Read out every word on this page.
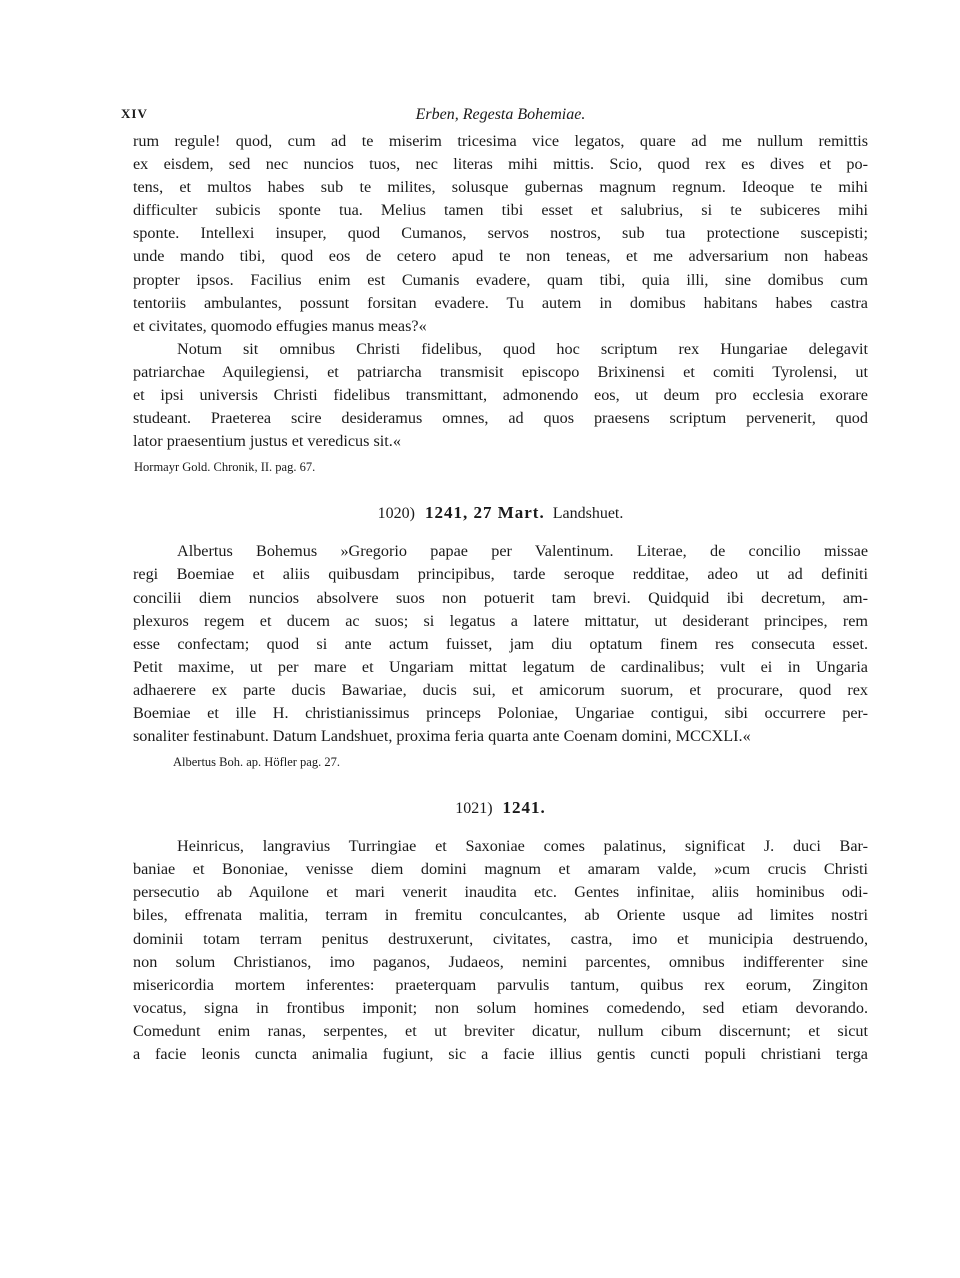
XIV	Erben, Regesta Bohemiae.
rum regule! quod, cum ad te miserim tricesima vice legatos, quare ad me nullum remittis
ex eisdem, sed nec nuncios tuos, nec literas mihi mittis. Scio, quod rex es dives et po-
tens, et multos habes sub te milites, solusque gubernas magnum regnum. Ideoque te mihi
difficulter subicis sponte tua. Melius tamen tibi esset et salubrius, si te subiceres mihi
sponte. Intellexi insuper, quod Cumanos, servos nostros, sub tua protectione suscepisti;
unde mando tibi, quod eos de cetero apud te non teneas, et me adversarium non habeas
propter ipsos. Facilius enim est Cumanis evadere, quam tibi, quia illi, sine domibus cum
tentoriis ambulantes, possunt forsitan evadere. Tu autem in domibus habitans habes castra
et civitates, quomodo effugies manus meas?«
Notum sit omnibus Christi fidelibus, quod hoc scriptum rex Hungariae delegavit
patriarchae Aquilegiensi, et patriarcha transmisit episcopo Brixinensi et comiti Tyrolensi, ut
et ipsi universis Christi fidelibus transmittant, admonendo eos, ut deum pro ecclesia exorare
studeant. Praeterea scire desideramus omnes, ad quos praesens scriptum pervenerit, quod
lator praesentium justus et veredicus sit.«
Hormayr Gold. Chronik, II. pag. 67.
1020) 1241, 27 Mart. Landshuet.
Albertus Bohemus »Gregorio papae per Valentinum. Literae, de concilio missae
regi Boemiae et aliis quibusdam principibus, tarde seroque redditae, adeo ut ad definiti
concilii diem nuncios absolvere suos non potuerit tam brevi. Quidquid ibi decretum, am-
plexuros regem et ducem ac suos; si legatus a latere mittatur, ut desiderant principes, rem
esse confectam; quod si ante actum fuisset, jam diu optatum finem res consecuta esset.
Petit maxime, ut per mare et Ungariam mittat legatum de cardinalibus; vult ei in Ungaria
adhaerere ex parte ducis Bawariae, ducis sui, et amicorum suorum, et procurare, quod rex
Boemiae et ille H. christianissimus princeps Poloniae, Ungariae contigui, sibi occurrere per-
sonaliter festinabunt. Datum Landshuet, proxima feria quarta ante Coenam domini, MCCXLI.«
Albertus Boh. ap. Höfler pag. 27.
1021) 1241.
Heinricus, langravius Turringiae et Saxoniae comes palatinus, significat J. duci Bar-
baniae et Bononiae, venisse diem domini magnum et amaram valde, »cum crucis Christi
persecutio ab Aquilone et mari venerit inaudita etc. Gentes infinitae, aliis hominibus odi-
biles, effrenata malitia, terram in fremitu conculcantes, ab Oriente usque ad limites nostri
dominii totam terram penitus destruxerunt, civitates, castra, imo et municipia destruendo,
non solum Christianos, imo paganos, Judaeos, nemini parcentes, omnibus indifferenter sine
misericordia mortem inferentes: praeterquam parvulis tantum, quibus rex eorum, Zingiton
vocatus, signa in frontibus imponit; non solum homines comedendo, sed etiam devorando.
Comedunt enim ranas, serpentes, et ut breviter dicatur, nullum cibum discernunt; et sicut
a facie leonis cuncta animalia fugiunt, sic a facie illius gentis cuncti populi christiani terga
